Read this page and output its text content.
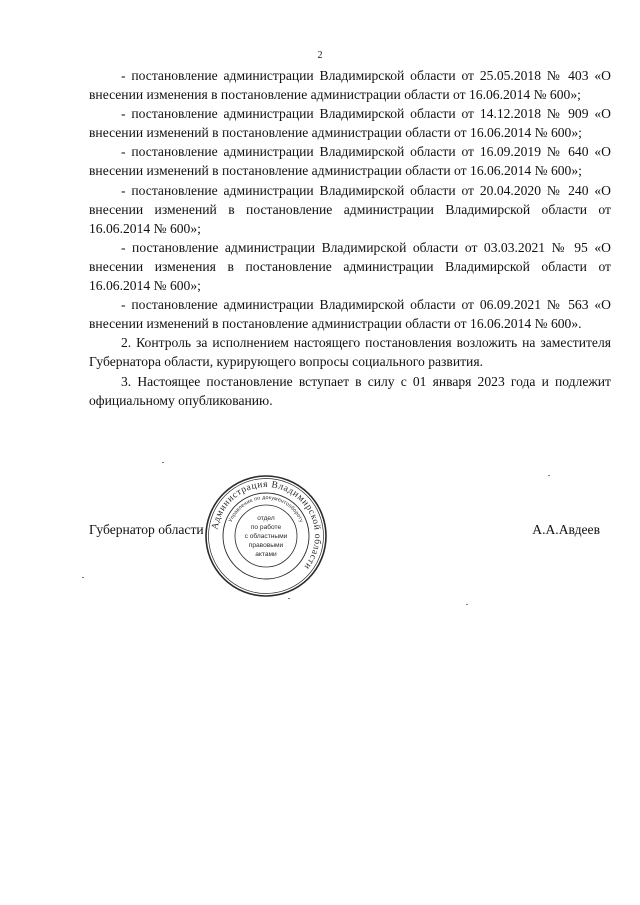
2

- постановление администрации Владимирской области от 25.05.2018 № 403 «О внесении изменения в постановление администрации области от 16.06.2014 № 600»;

- постановление администрации Владимирской области от 14.12.2018 № 909 «О внесении изменений в постановление администрации области от 16.06.2014 № 600»;

- постановление администрации Владимирской области от 16.09.2019 № 640 «О внесении изменений в постановление администрации области от 16.06.2014 № 600»;

- постановление администрации Владимирской области от 20.04.2020 № 240 «О внесении изменений в постановление администрации Владимирской области от 16.06.2014 № 600»;

- постановление администрации Владимирской области от 03.03.2021 № 95 «О внесении изменения в постановление администрации Владимирской области от 16.06.2014 № 600»;

- постановление администрации Владимирской области от 06.09.2021 № 563 «О внесении изменений в постановление администрации области от 16.06.2014 № 600».

2. Контроль за исполнением настоящего постановления возложить на заместителя Губернатора области, курирующего вопросы социального развития.

3. Настоящее постановление вступает в силу с 01 января 2023 года и подлежит официальному опубликованию.

Губернатор области	А.А.Авдеев
Администрация Владимирской области
Управление по документообороту
отдел
по работе
с областными
правовыми
актами
